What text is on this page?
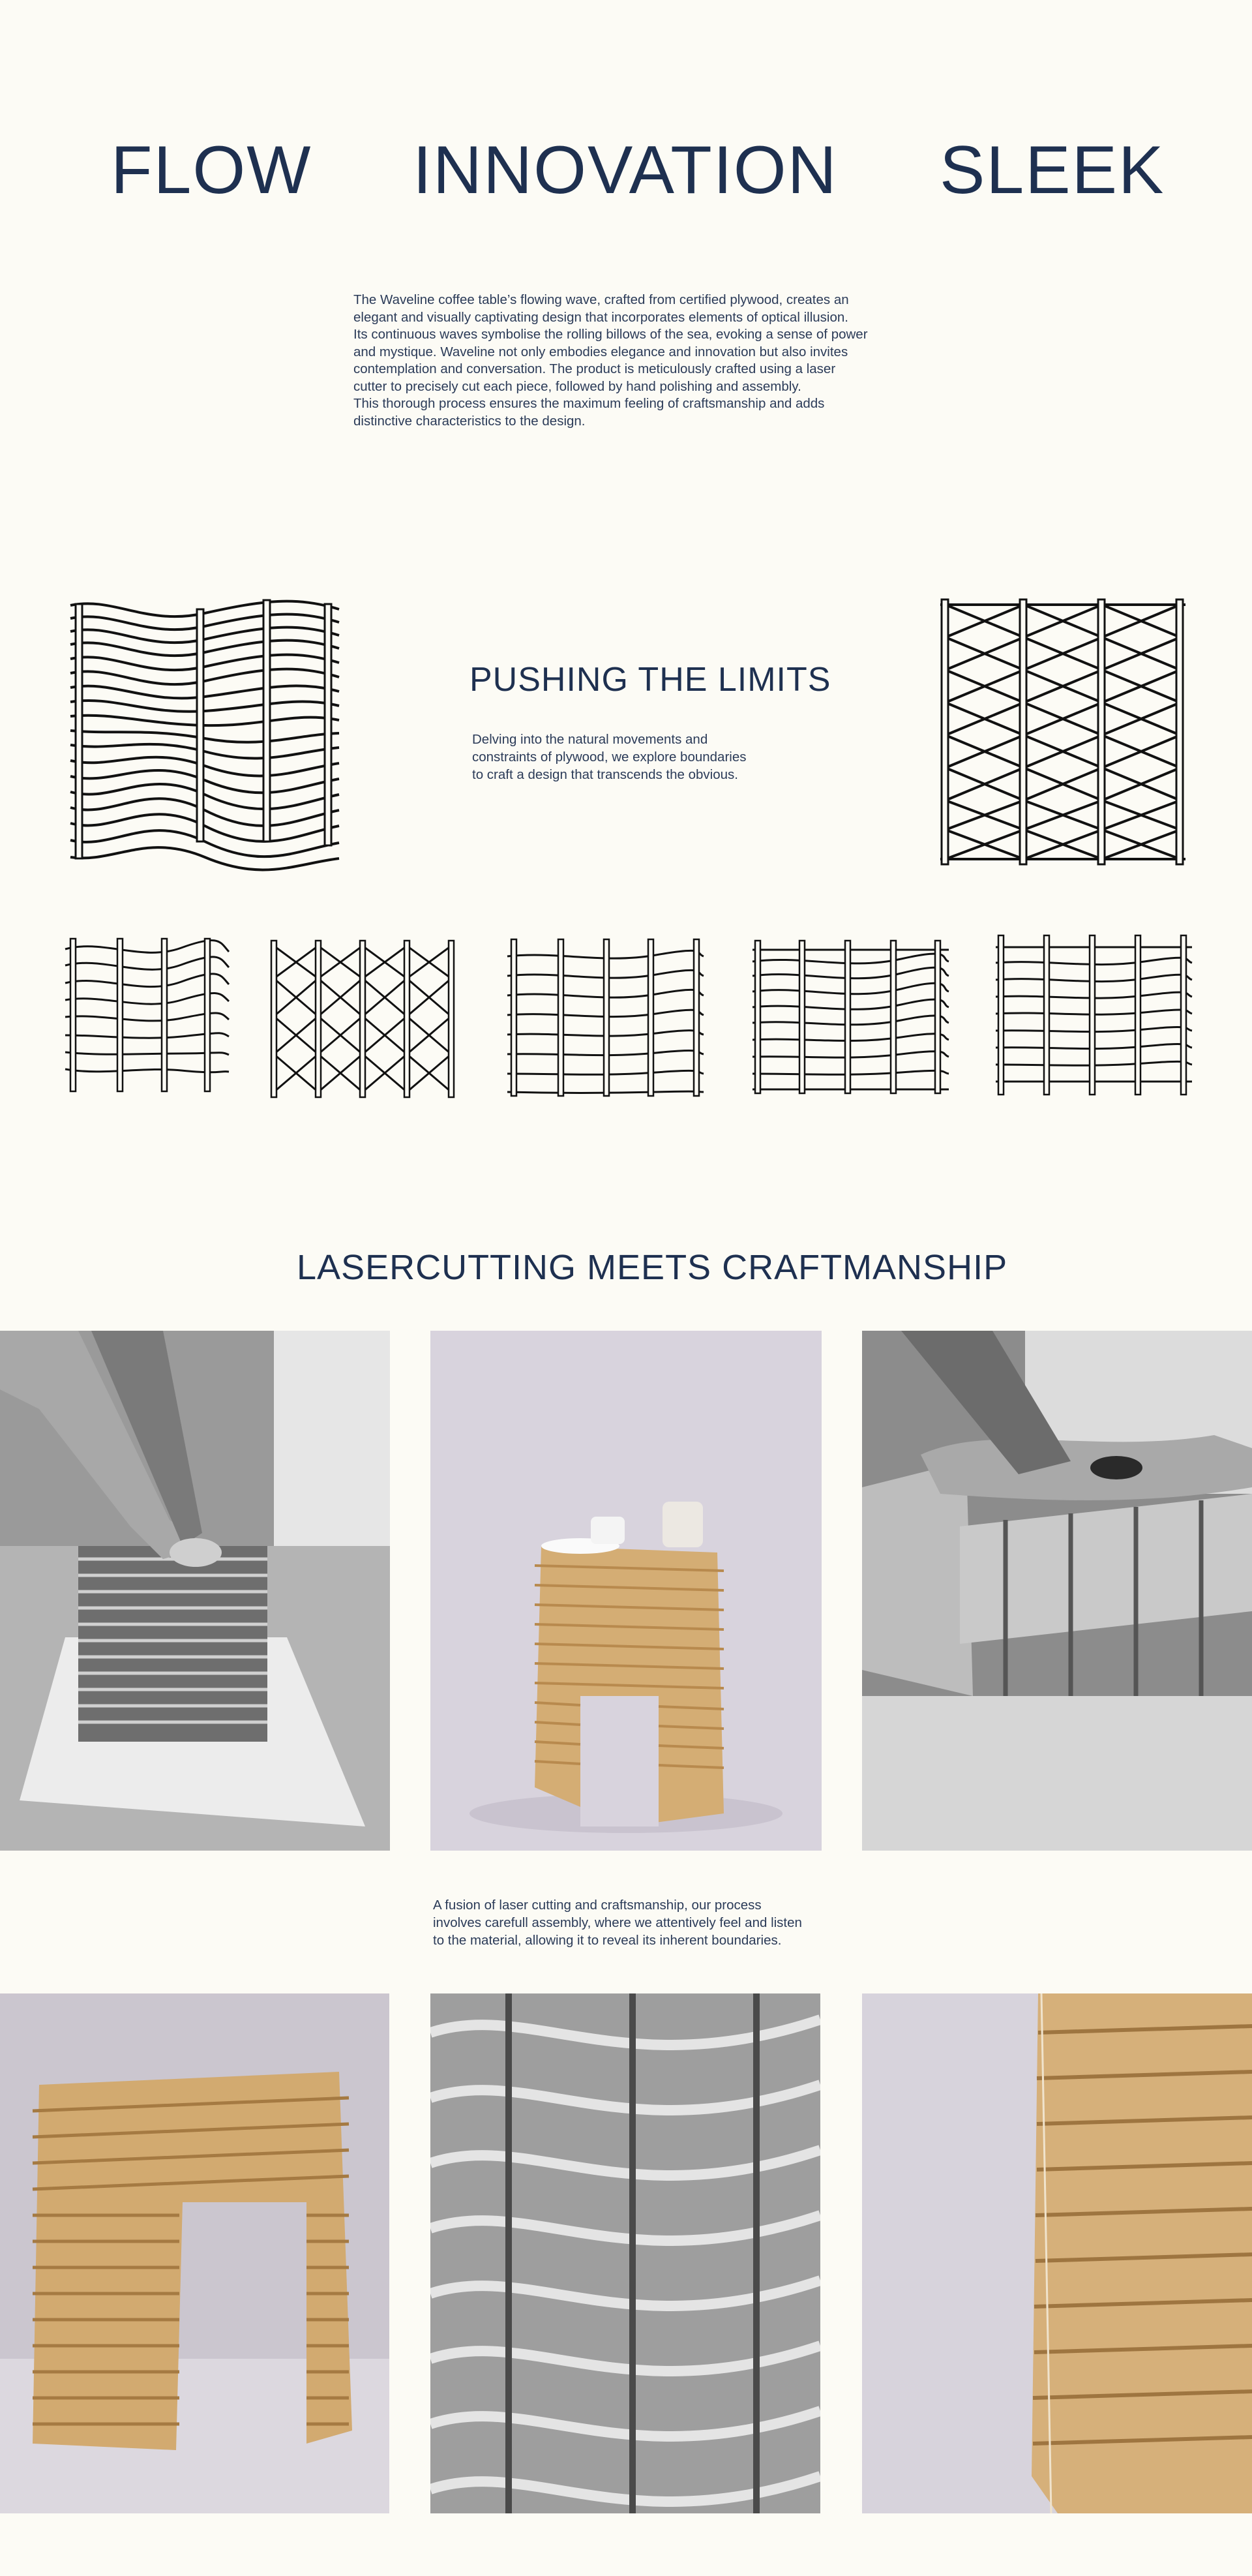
FLOW INNOVATION SLEEK
The Waveline coffee table’s flowing wave, crafted from certified plywood, creates an
elegant and visually captivating design that incorporates elements of optical illusion.
Its continuous waves symbolise the rolling billows of the sea, evoking a sense of power
and mystique. Waveline not only embodies elegance and innovation but also invites
contemplation and conversation. The product is meticulously crafted using a laser
cutter to precisely cut each piece, followed by hand polishing and assembly.
This thorough process ensures the maximum feeling of craftsmanship and adds
distinctive characteristics to the design.
PUSHING THE LIMITS
Delving into the natural movements and
constraints of plywood, we explore boundaries
to craft a design that transcends the obvious.
LASERCUTTING MEETS CRAFTMANSHIP
A fusion of laser cutting and craftsmanship, our process
involves carefull assembly, where we attentively feel and listen
to the material, allowing it to reveal its inherent boundaries.
